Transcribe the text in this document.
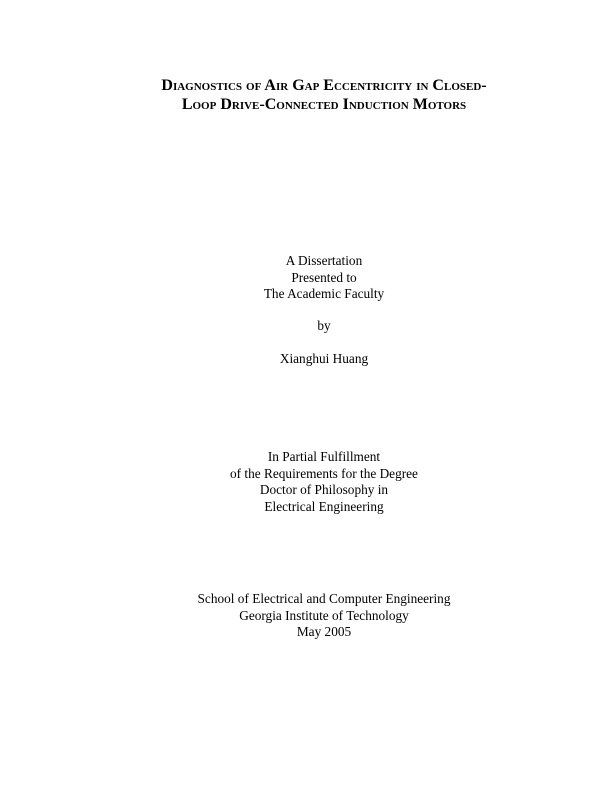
Diagnostics of Air Gap Eccentricity in Closed-
Loop Drive-Connected Induction Motors
A Dissertation
Presented to
The Academic Faculty
by
Xianghui Huang
In Partial Fulfillment
of the Requirements for the Degree
Doctor of Philosophy in
Electrical Engineering
School of Electrical and Computer Engineering
Georgia Institute of Technology
May 2005
